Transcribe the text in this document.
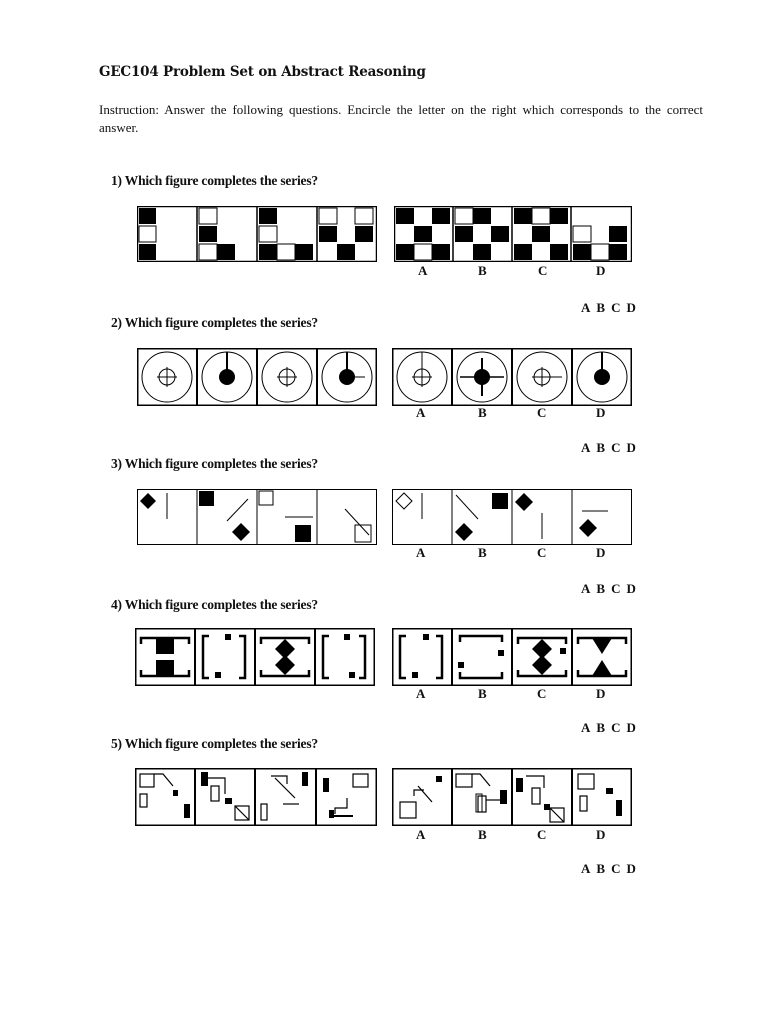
GEC104 Problem Set on Abstract Reasoning
Instruction: Answer the following questions. Encircle the letter on the right which corresponds to the correct answer.
1) Which figure completes the series?
A	B	C	D
A B C D
2) Which figure completes the series?
A	B	C	D
A B C D
3) Which figure completes the series?
A	B	C	D
A B C D
4) Which figure completes the series?
A	B	C	D
A B C D
5) Which figure completes the series?
A	B	C	D
A B C D
